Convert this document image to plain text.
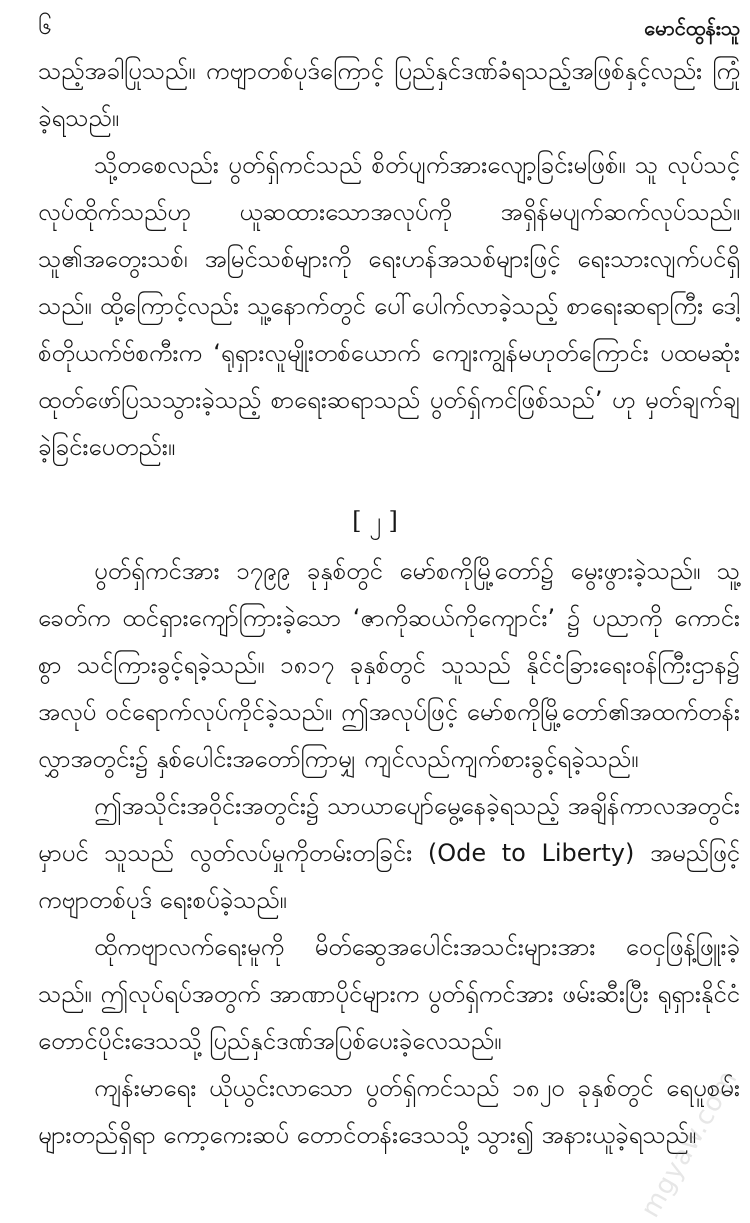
၆	မောင်ထွန်းသူ

သည့်အခါပြုသည်။ ကဗျာတစ်ပုဒ်ကြောင့် ပြည်နှင်ဒဏ်ခံရသည့်အဖြစ်နှင့်လည်း ကြုံခဲ့ရသည်။

သို့တစေလည်း ပွတ်ရှ်ကင်သည် စိတ်ပျက်အားလျော့ခြင်းမဖြစ်။ သူ လုပ်သင့်လုပ်ထိုက်သည်ဟု ယူဆထားသောအလုပ်ကို အရှိန်မပျက်ဆက်လုပ်သည်။ သူ၏အတွေးသစ်၊ အမြင်သစ်များကို ရေးဟန်အသစ်များဖြင့် ရေးသားလျက်ပင်ရှိသည်။ ထို့ကြောင့်လည်း သူ့နောက်တွင် ပေါ်ပေါက်လာခဲ့သည့် စာရေးဆရာကြီး ဒေါ့စ်တိုယက်ဗ်စကီးက ‘ရုရှားလူမျိုးတစ်ယောက် ကျေးကျွန်မဟုတ်ကြောင်း ပထမဆုံး ထုတ်ဖော်ပြသသွားခဲ့သည့် စာရေးဆရာသည် ပွတ်ရှ်ကင်ဖြစ်သည်’ ဟု မှတ်ချက်ချခဲ့ခြင်းပေတည်း။

[ ၂ ]

ပွတ်ရှ်ကင်အား ၁၇၉၉ ခုနှစ်တွင် မော်စကိုမြို့တော်၌ မွေးဖွားခဲ့သည်။ သူ့ခေတ်က ထင်ရှားကျော်ကြားခဲ့သော ‘ဇာကိုဆယ်ကိုကျောင်း’ ၌ ပညာကို ကောင်းစွာ သင်ကြားခွင့်ရခဲ့သည်။ ၁၈၁၇ ခုနှစ်တွင် သူသည် နိုင်ငံခြားရေးဝန်ကြီးဌာန၌ အလုပ် ဝင်ရောက်လုပ်ကိုင်ခဲ့သည်။ ဤအလုပ်ဖြင့် မော်စကိုမြို့တော်၏အထက်တန်းလွှာအတွင်း၌ နှစ်ပေါင်းအတော်ကြာမျှ ကျင်လည်ကျက်စားခွင့်ရခဲ့သည်။

ဤအသိုင်းအဝိုင်းအတွင်း၌ သာယာပျော်မွေ့နေခဲ့ရသည့် အချိန်ကာလအတွင်းမှာပင် သူသည် လွတ်လပ်မှုကိုတမ်းတခြင်း (Ode to Liberty) အမည်ဖြင့် ကဗျာတစ်ပုဒ် ရေးစပ်ခဲ့သည်။

ထိုကဗျာလက်ရေးမူကို မိတ်ဆွေအပေါင်းအသင်းများအား ဝေငှဖြန့်ဖြူးခဲ့သည်။ ဤလုပ်ရပ်အတွက် အာဏာပိုင်များက ပွတ်ရှ်ကင်အား ဖမ်းဆီးပြီး ရုရှားနိုင်ငံ တောင်ပိုင်းဒေသသို့ ပြည်နှင်ဒဏ်အပြစ်ပေးခဲ့လေသည်။

ကျန်းမာရေး ယိုယွင်းလာသော ပွတ်ရှ်ကင်သည် ၁၈၂၀ ခုနှစ်တွင် ရေပူစမ်းများတည်ရှိရာ ကော့ကေးဆပ် တောင်တန်းဒေသသို့ သွား၍ အနားယူခဲ့ရသည်။

mgyaw.com
